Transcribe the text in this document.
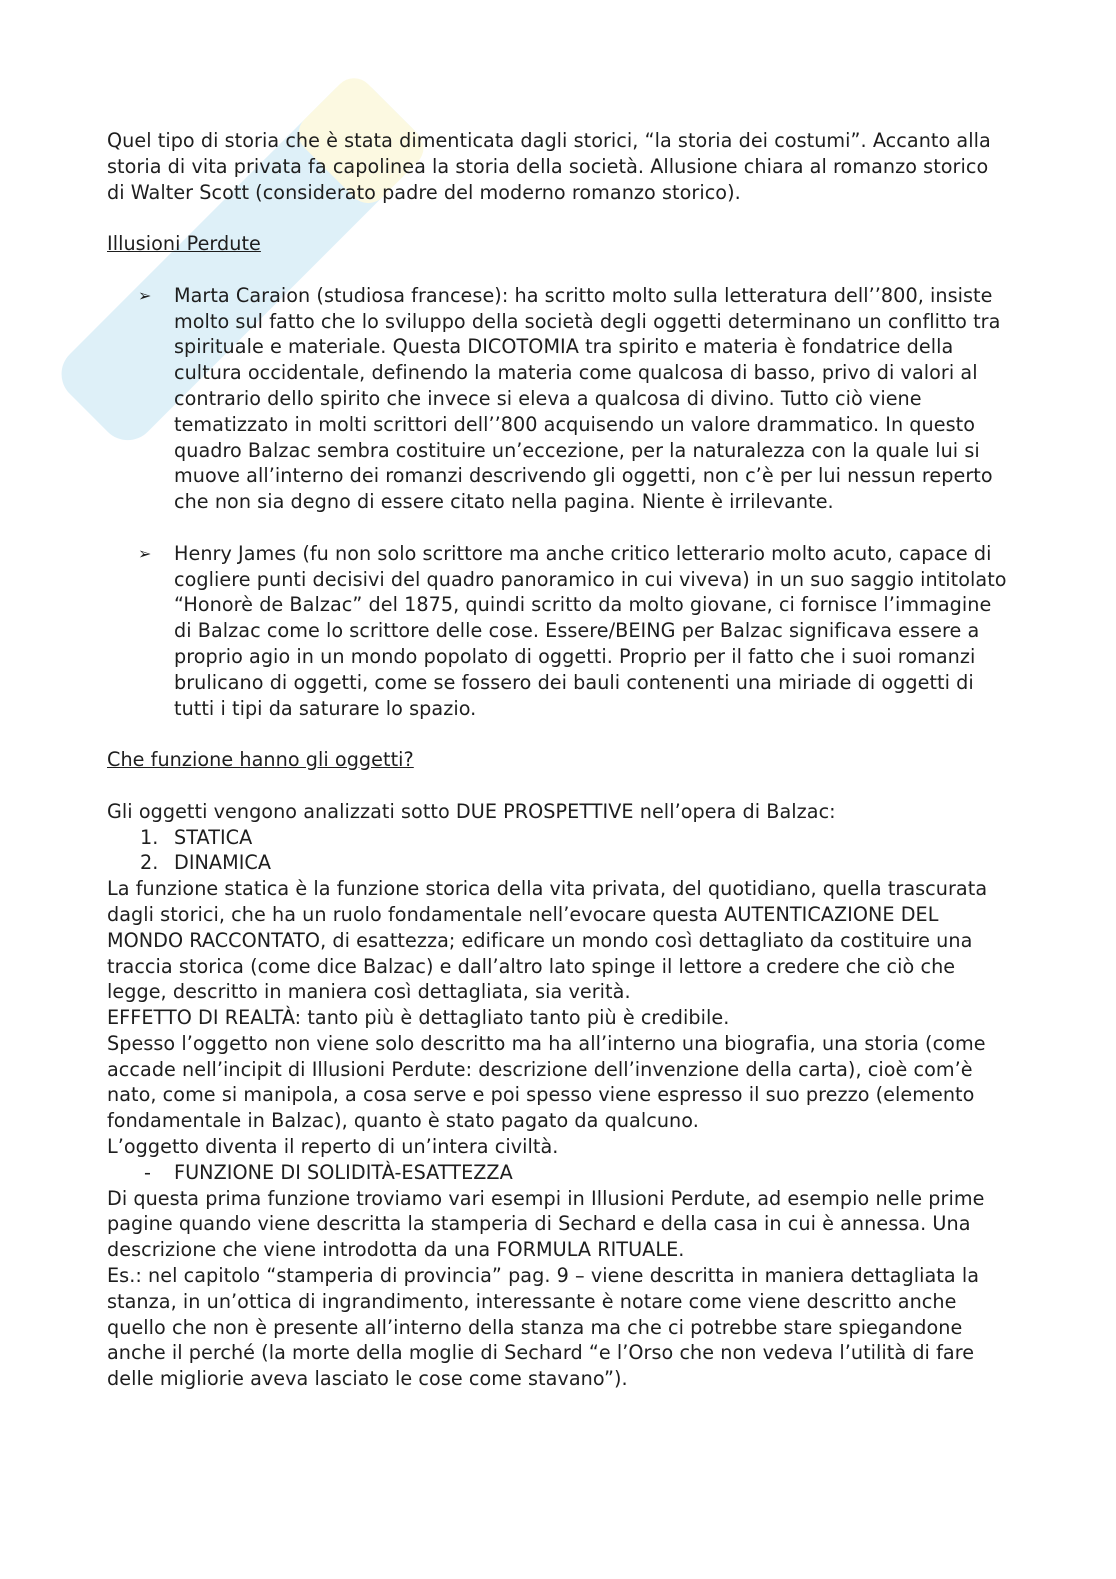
Quel tipo di storia che è stata dimenticata dagli storici, “la storia dei costumi”. Accanto alla storia di vita privata fa capolinea la storia della società. Allusione chiara al romanzo storico di Walter Scott (considerato padre del moderno romanzo storico).

Illusioni Perdute

➢ Marta Caraion (studiosa francese): ha scritto molto sulla letteratura dell’’800, insiste molto sul fatto che lo sviluppo della società degli oggetti determinano un conflitto tra spirituale e materiale. Questa DICOTOMIA tra spirito e materia è fondatrice della cultura occidentale, definendo la materia come qualcosa di basso, privo di valori al contrario dello spirito che invece si eleva a qualcosa di divino. Tutto ciò viene tematizzato in molti scrittori dell’’800 acquisendo un valore drammatico. In questo quadro Balzac sembra costituire un’eccezione, per la naturalezza con la quale lui si muove all’interno dei romanzi descrivendo gli oggetti, non c’è per lui nessun reperto che non sia degno di essere citato nella pagina. Niente è irrilevante.
➢ Henry James (fu non solo scrittore ma anche critico letterario molto acuto, capace di cogliere punti decisivi del quadro panoramico in cui viveva) in un suo saggio intitolato “Honorè de Balzac” del 1875, quindi scritto da molto giovane, ci fornisce l’immagine di Balzac come lo scrittore delle cose. Essere/BEING per Balzac significava essere a proprio agio in un mondo popolato di oggetti. Proprio per il fatto che i suoi romanzi brulicano di oggetti, come se fossero dei bauli contenenti una miriade di oggetti di tutti i tipi da saturare lo spazio.

Che funzione hanno gli oggetti?

Gli oggetti vengono analizzati sotto DUE PROSPETTIVE nell’opera di Balzac:

1. STATICA
2. DINAMICA

La funzione statica è la funzione storica della vita privata, del quotidiano, quella trascurata dagli storici, che ha un ruolo fondamentale nell’evocare questa AUTENTICAZIONE DEL MONDO RACCONTATO, di esattezza; edificare un mondo così dettagliato da costituire una traccia storica (come dice Balzac) e dall’altro lato spinge il lettore a credere che ciò che legge, descritto in maniera così dettagliata, sia verità.

EFFETTO DI REALTÀ: tanto più è dettagliato tanto più è credibile.

Spesso l’oggetto non viene solo descritto ma ha all’interno una biografia, una storia (come accade nell’incipit di Illusioni Perdute: descrizione dell’invenzione della carta), cioè com’è nato, come si manipola, a cosa serve e poi spesso viene espresso il suo prezzo (elemento fondamentale in Balzac), quanto è stato pagato da qualcuno.

L’oggetto diventa il reperto di un’intera civiltà.

- FUNZIONE DI SOLIDITÀ-ESATTEZZA

Di questa prima funzione troviamo vari esempi in Illusioni Perdute, ad esempio nelle prime pagine quando viene descritta la stamperia di Sechard e della casa in cui è annessa. Una descrizione che viene introdotta da una FORMULA RITUALE.

Es.: nel capitolo “stamperia di provincia” pag. 9 – viene descritta in maniera dettagliata la stanza, in un’ottica di ingrandimento, interessante è notare come viene descritto anche quello che non è presente all’interno della stanza ma che ci potrebbe stare spiegandone anche il perché (la morte della moglie di Sechard “e l’Orso che non vedeva l’utilità di fare delle migliorie aveva lasciato le cose come stavano”).
